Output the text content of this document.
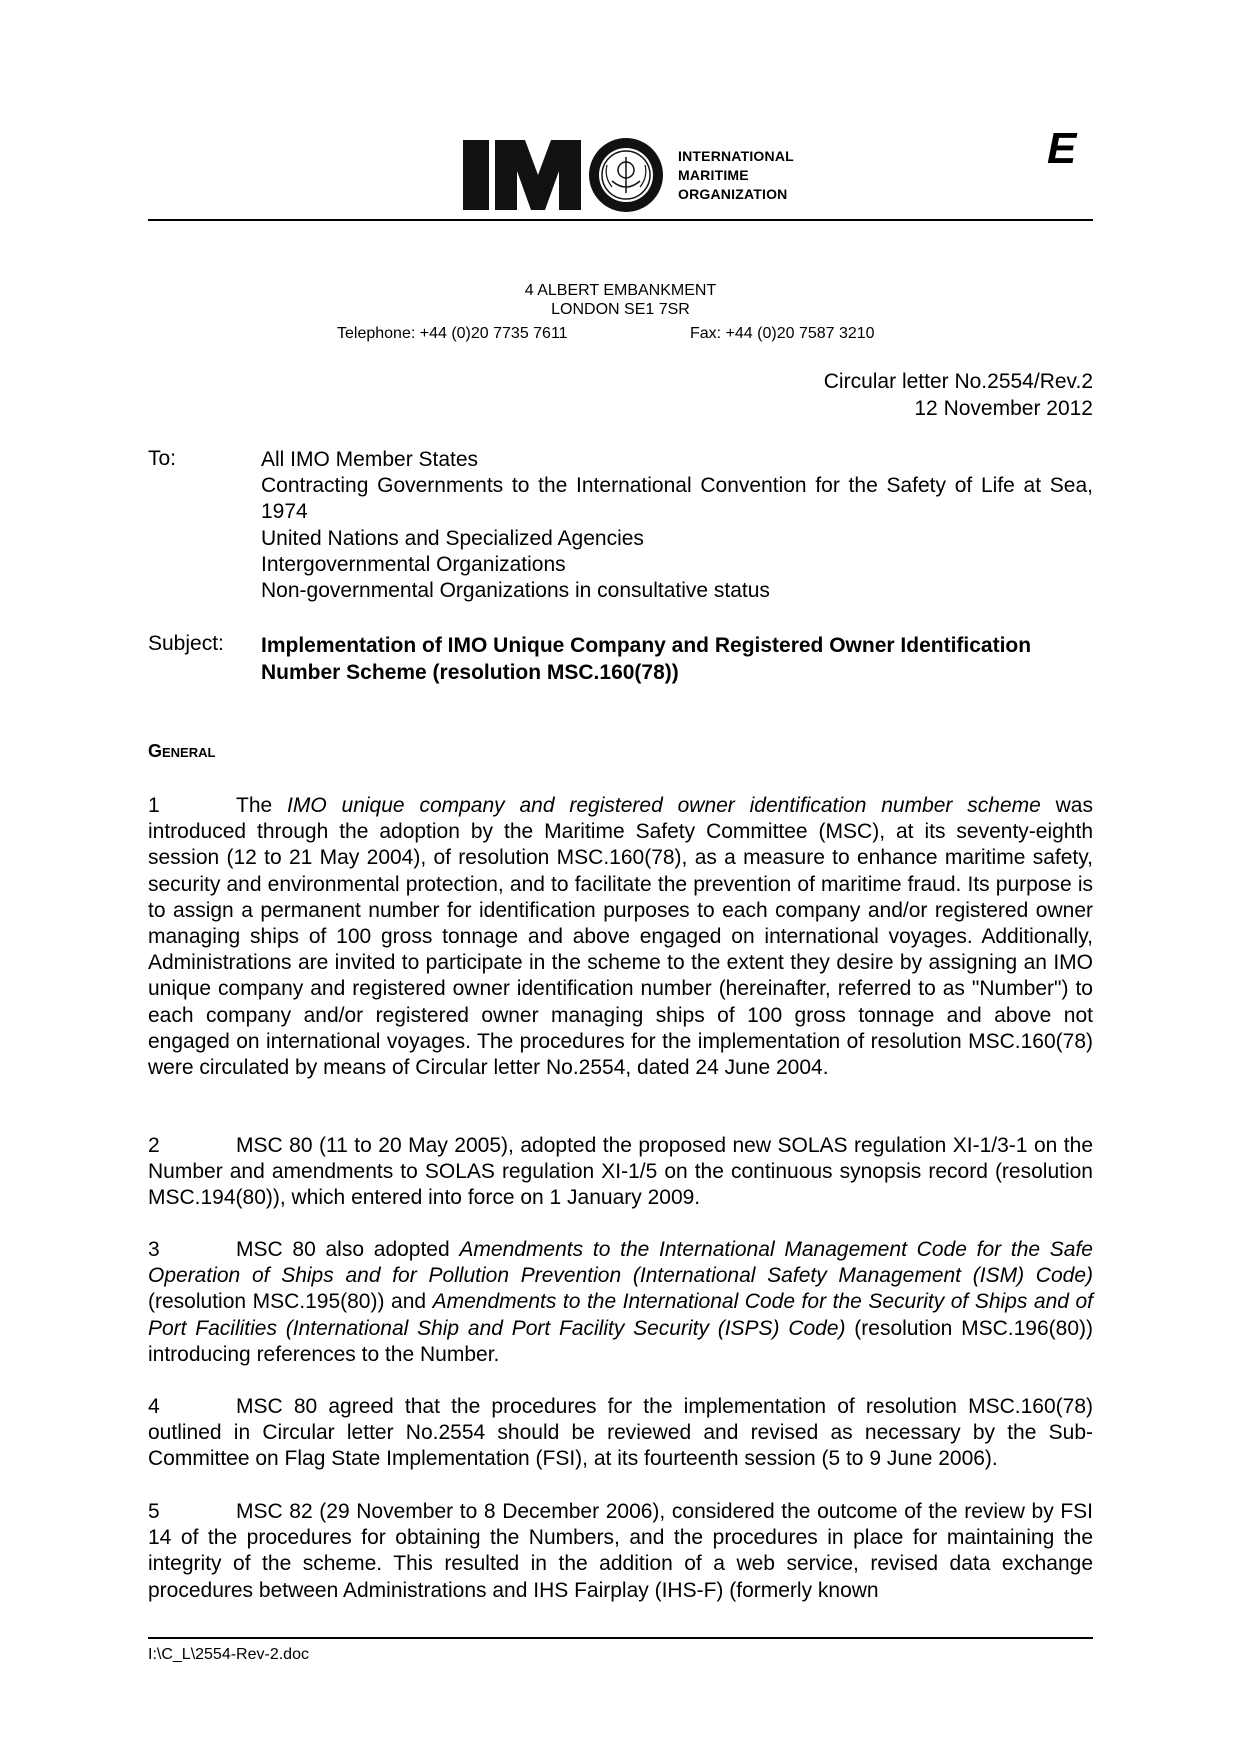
INTERNATIONAL
MARITIME
ORGANIZATION
E
4 ALBERT EMBANKMENT
LONDON SE1 7SR
Telephone: +44 (0)20 7735 7611	Fax: +44 (0)20 7587 3210
Circular letter No.2554/Rev.2
12 November 2012
To:	All IMO Member States
Contracting Governments to the International Convention for the Safety of Life at Sea, 1974
United Nations and Specialized Agencies
Intergovernmental Organizations
Non-governmental Organizations in consultative status
Subject: Implementation of IMO Unique Company and Registered Owner Identification Number Scheme (resolution MSC.160(78))
General
1	The IMO unique company and registered owner identification number scheme was introduced through the adoption by the Maritime Safety Committee (MSC), at its seventy-eighth session (12 to 21 May 2004), of resolution MSC.160(78), as a measure to enhance maritime safety, security and environmental protection, and to facilitate the prevention of maritime fraud. Its purpose is to assign a permanent number for identification purposes to each company and/or registered owner managing ships of 100 gross tonnage and above engaged on international voyages. Additionally, Administrations are invited to participate in the scheme to the extent they desire by assigning an IMO unique company and registered owner identification number (hereinafter, referred to as "Number") to each company and/or registered owner managing ships of 100 gross tonnage and above not engaged on international voyages. The procedures for the implementation of resolution MSC.160(78) were circulated by means of Circular letter No.2554, dated 24 June 2004.
2	MSC 80 (11 to 20 May 2005), adopted the proposed new SOLAS regulation XI-1/3-1 on the Number and amendments to SOLAS regulation XI-1/5 on the continuous synopsis record (resolution MSC.194(80)), which entered into force on 1 January 2009.
3	MSC 80 also adopted Amendments to the International Management Code for the Safe Operation of Ships and for Pollution Prevention (International Safety Management (ISM) Code) (resolution MSC.195(80)) and Amendments to the International Code for the Security of Ships and of Port Facilities (International Ship and Port Facility Security (ISPS) Code) (resolution MSC.196(80)) introducing references to the Number.
4	MSC 80 agreed that the procedures for the implementation of resolution MSC.160(78) outlined in Circular letter No.2554 should be reviewed and revised as necessary by the Sub-Committee on Flag State Implementation (FSI), at its fourteenth session (5 to 9 June 2006).
5	MSC 82 (29 November to 8 December 2006), considered the outcome of the review by FSI 14 of the procedures for obtaining the Numbers, and the procedures in place for maintaining the integrity of the scheme. This resulted in the addition of a web service, revised data exchange procedures between Administrations and IHS Fairplay (IHS-F) (formerly known
I:\C_L\2554-Rev-2.doc
